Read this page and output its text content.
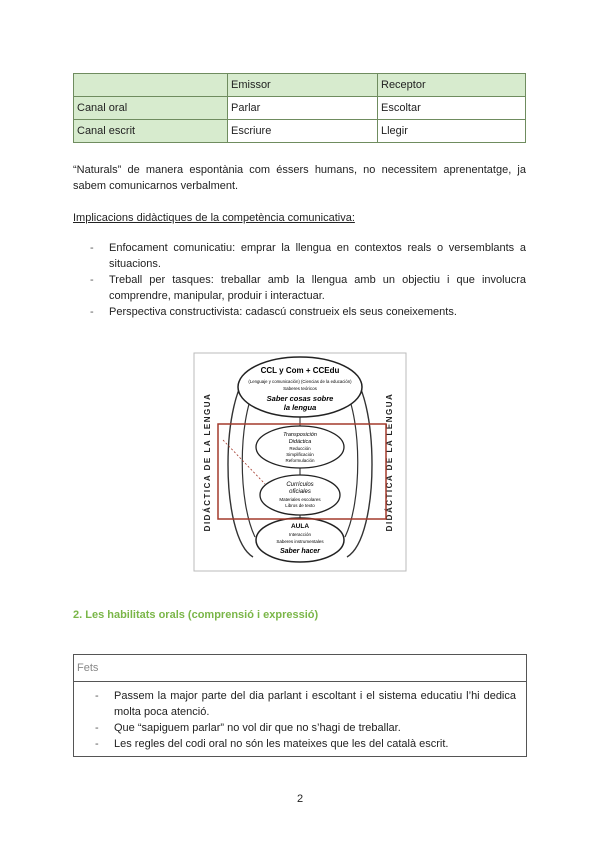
	Emissor	Receptor
Canal oral	Parlar	Escoltar
Canal escrit	Escriure	Llegir
“Naturals” de manera espontània com éssers humans, no necessitem aprenentatge, ja sabem comunicarnos verbalment.
Implicacions didàctiques de la competència comunicativa:
- Enfocament comunicatiu: emprar la llengua en contextos reals o versemblants a situacions.
- Treball per tasques: treballar amb la llengua amb un objectiu i que involucra comprendre, manipular, produir i interactuar.
- Perspectiva constructivista: cadascú construeix els seus coneixements.
DIDÁCTICA DE LA LENGUA	DIDÁCTICA DE LA LENGUA
CCL y Com + CCEdu
(Lenguaje y comunicación) (Ciencias de la educación)
Saberes teóricos
Saber cosas sobre
la lengua
Transposición
Didáctica
Reducción
Simplificación
Reformulación
Currículos
oficiales
Materiales escolares
Libros de texto
AULA
Interacción
Saberes instrumentales
Saber hacer
2. Les habilitats orals (comprensió i expressió)
Fets
- Passem la major parte del dia parlant i escoltant i el sistema educatiu l’hi dedica molta poca atenció.
- Que “sapiguem parlar” no vol dir que no s’hagi de treballar.
- Les regles del codi oral no són les mateixes que les del català escrit.
2
